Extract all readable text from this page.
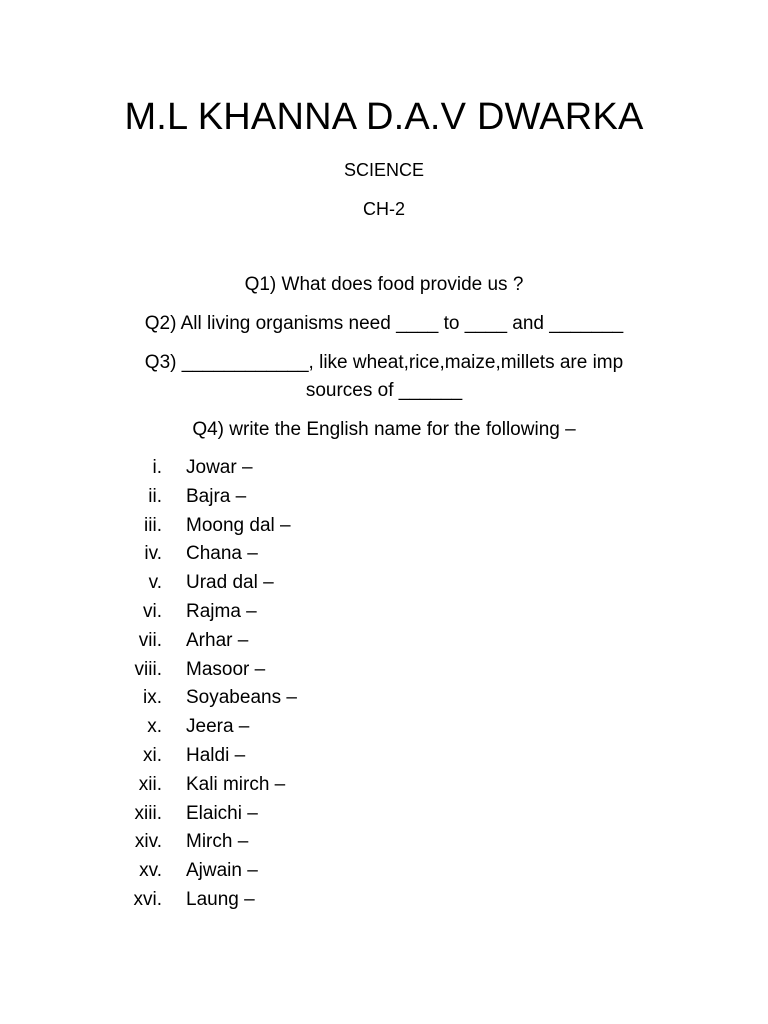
M.L KHANNA D.A.V DWARKA
SCIENCE
CH-2
Q1) What does food provide us ?
Q2) All living organisms need ____ to ____ and _______
Q3) ____________, like wheat,rice,maize,millets are imp
sources of ______
Q4) write the English name for the following –
i. Jowar –
ii. Bajra –
iii. Moong dal –
iv. Chana –
v. Urad dal –
vi. Rajma –
vii. Arhar –
viii. Masoor –
ix. Soyabeans –
x. Jeera –
xi. Haldi –
xii. Kali mirch –
xiii. Elaichi –
xiv. Mirch –
xv. Ajwain –
xvi. Laung –
